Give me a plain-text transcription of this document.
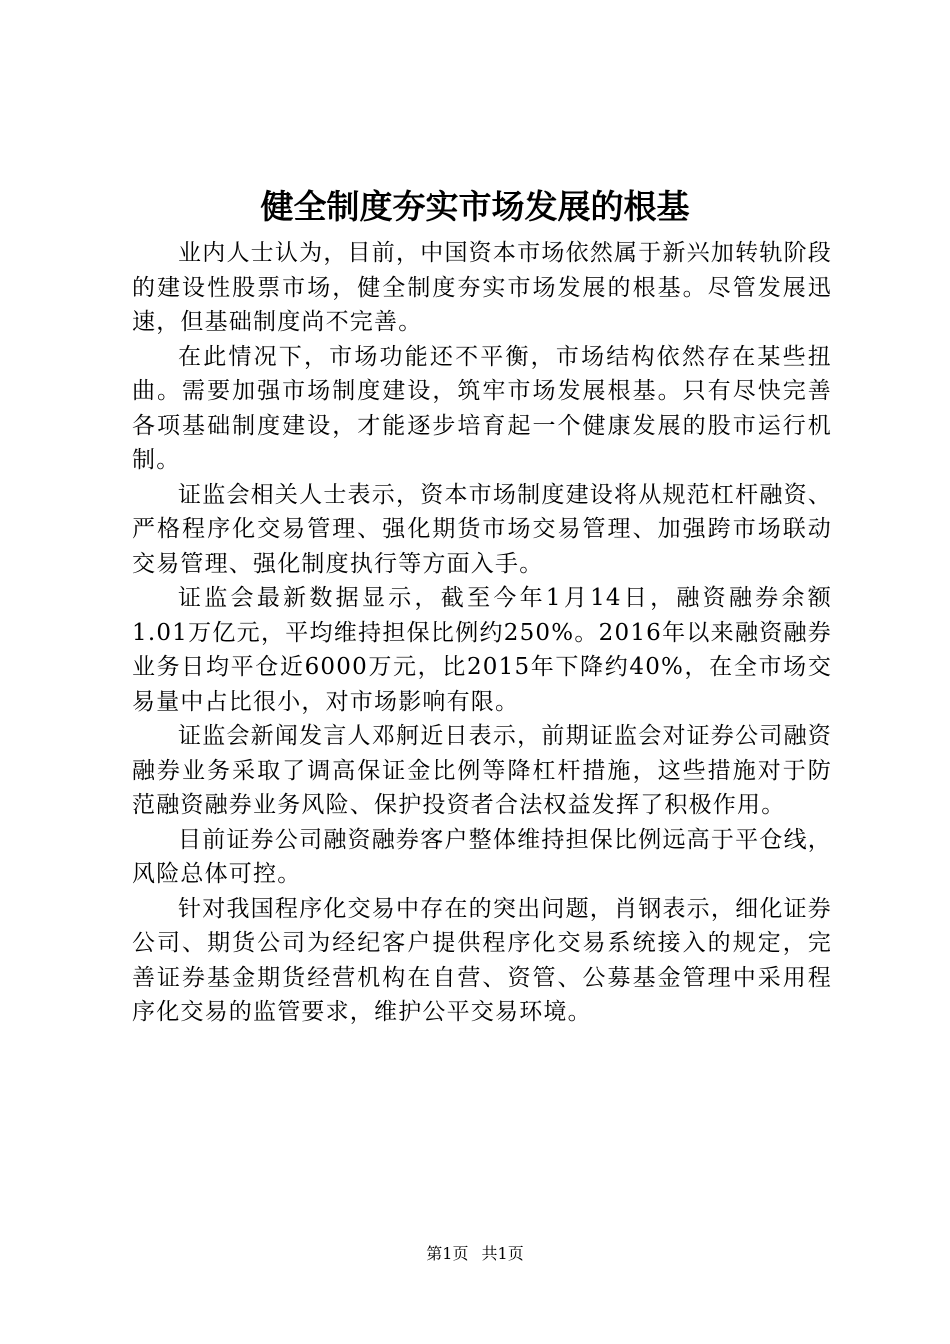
健全制度夯实市场发展的根基

业内人士认为，目前，中国资本市场依然属于新兴加转轨阶段的建设性股票市场，健全制度夯实市场发展的根基。尽管发展迅速，但基础制度尚不完善。

在此情况下，市场功能还不平衡，市场结构依然存在某些扭曲。需要加强市场制度建设，筑牢市场发展根基。只有尽快完善各项基础制度建设，才能逐步培育起一个健康发展的股市运行机制。

证监会相关人士表示，资本市场制度建设将从规范杠杆融资、严格程序化交易管理、强化期货市场交易管理、加强跨市场联动交易管理、强化制度执行等方面入手。

证监会最新数据显示，截至今年1月14日，融资融券余额1.01万亿元，平均维持担保比例约250%。2016年以来融资融券业务日均平仓近6000万元，比2015年下降约40%，在全市场交易量中占比很小，对市场影响有限。

证监会新闻发言人邓舸近日表示，前期证监会对证券公司融资融券业务采取了调高保证金比例等降杠杆措施，这些措施对于防范融资融券业务风险、保护投资者合法权益发挥了积极作用。

目前证券公司融资融券客户整体维持担保比例远高于平仓线，风险总体可控。

针对我国程序化交易中存在的突出问题，肖钢表示，细化证券公司、期货公司为经纪客户提供程序化交易系统接入的规定，完善证券基金期货经营机构在自营、资管、公募基金管理中采用程序化交易的监管要求，维护公平交易环境。

第1页 共1页
